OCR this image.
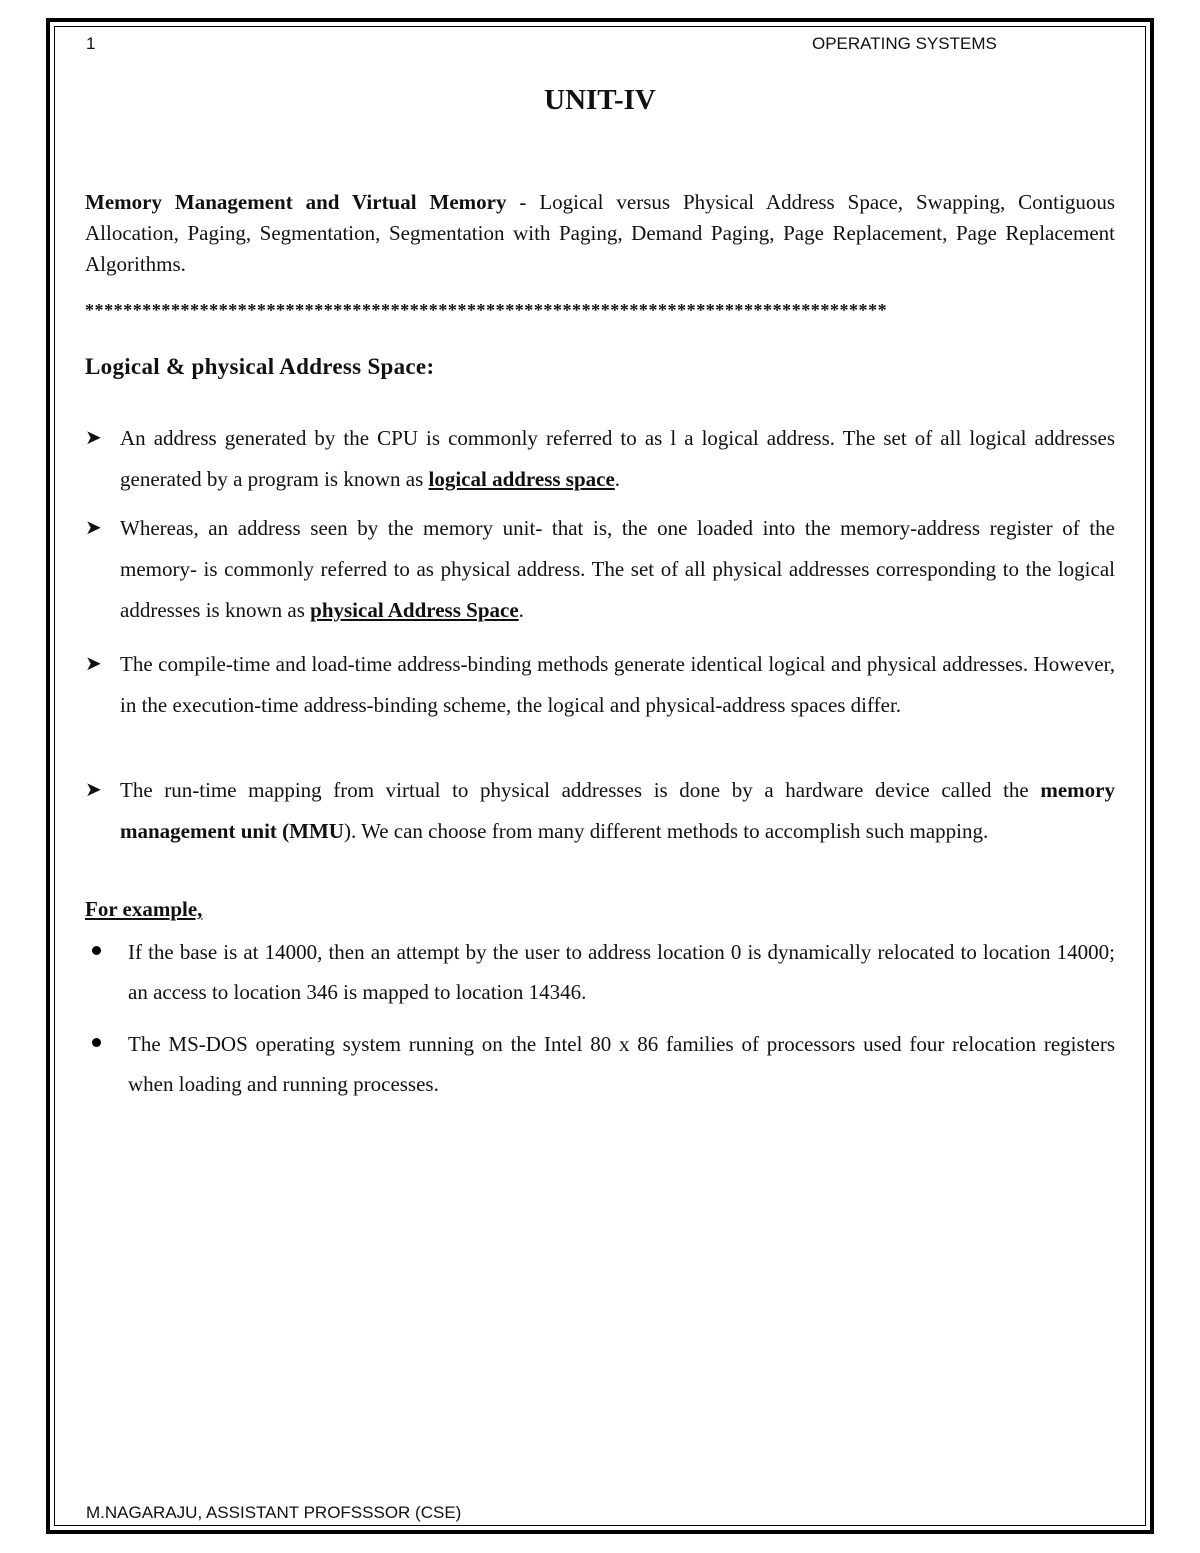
1	OPERATING SYSTEMS
UNIT-IV
Memory Management and Virtual Memory - Logical versus Physical Address Space, Swapping, Contiguous Allocation, Paging, Segmentation, Segmentation with Paging, Demand Paging, Page Replacement, Page Replacement Algorithms.
************************************************************************************
Logical & physical Address Space:
➤ An address generated by the CPU is commonly referred to as l a logical address. The set of all logical addresses generated by a program is known as logical address space.
➤ Whereas, an address seen by the memory unit- that is, the one loaded into the memory-address register of the memory- is commonly referred to as physical address. The set of all physical addresses corresponding to the logical addresses is known as physical Address Space.
➤ The compile-time and load-time address-binding methods generate identical logical and physical addresses. However, in the execution-time address-binding scheme, the logical and physical-address spaces differ.
➤ The run-time mapping from virtual to physical addresses is done by a hardware device called the memory management unit (MMU). We can choose from many different methods to accomplish such mapping.
For example,
If the base is at 14000, then an attempt by the user to address location 0 is dynamically relocated to location 14000; an access to location 346 is mapped to location 14346.
The MS-DOS operating system running on the Intel 80 x 86 families of processors used four relocation registers when loading and running processes.
M.NAGARAJU, ASSISTANT PROFSSSOR (CSE)
